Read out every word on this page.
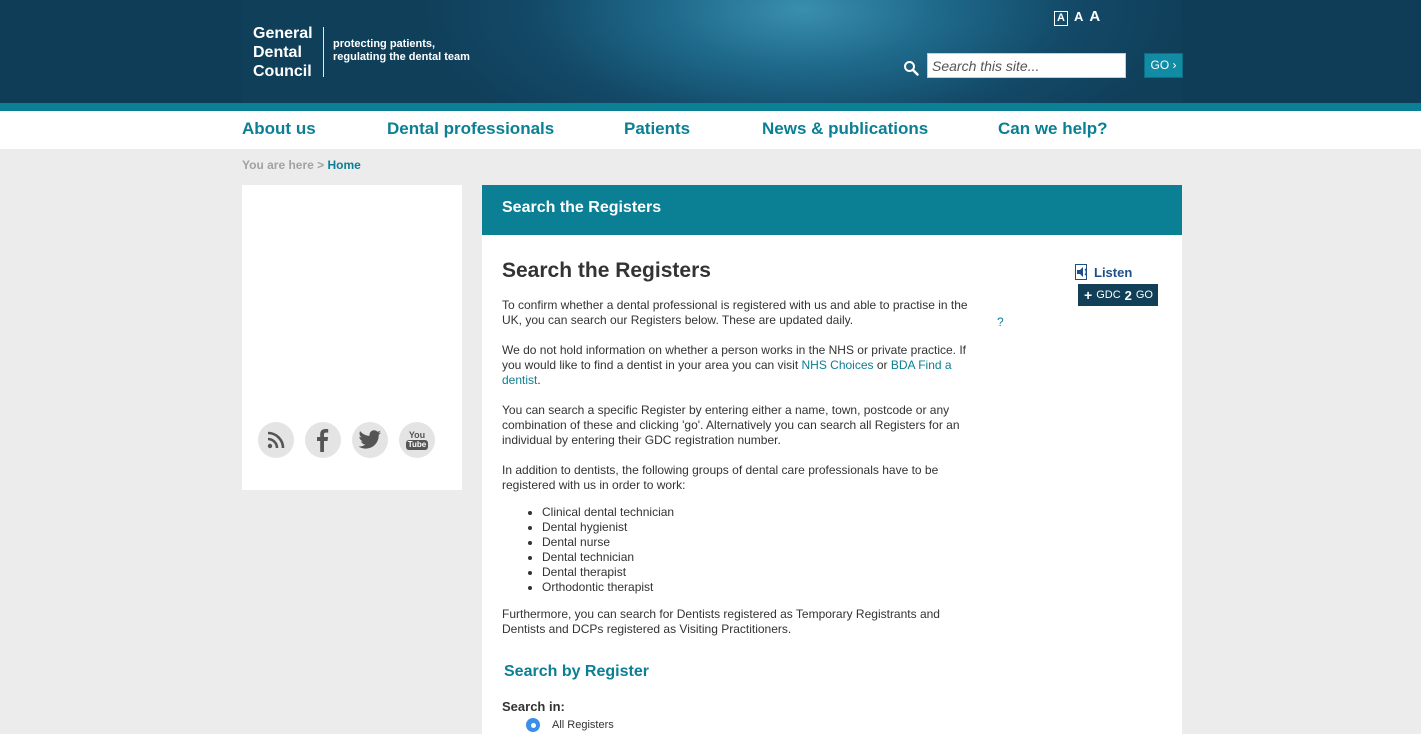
General
Dental
Council
protecting patients,
regulating the dental team
A A A
Search this site...
GO ›
About us	Dental professionals	Patients	News & publications	Can we help?
You are here > Home
You
Tube
Search the Registers
Search the Registers	Listen
+ GDC 2 GO
?

To confirm whether a dental professional is registered with us and able to practise in the UK, you can search our Registers below. These are updated daily.

We do not hold information on whether a person works in the NHS or private practice. If you would like to find a dentist in your area you can visit NHS Choices or BDA Find a dentist.

You can search a specific Register by entering either a name, town, postcode or any combination of these and clicking 'go'. Alternatively you can search all Registers for an individual by entering their GDC registration number.

In addition to dentists, the following groups of dental care professionals have to be registered with us in order to work:

• Clinical dental technician
• Dental hygienist
• Dental nurse
• Dental technician
• Dental therapist
• Orthodontic therapist

Furthermore, you can search for Dentists registered as Temporary Registrants and Dentists and DCPs registered as Visiting Practitioners.

Search by Register
Search in:
All Registers
